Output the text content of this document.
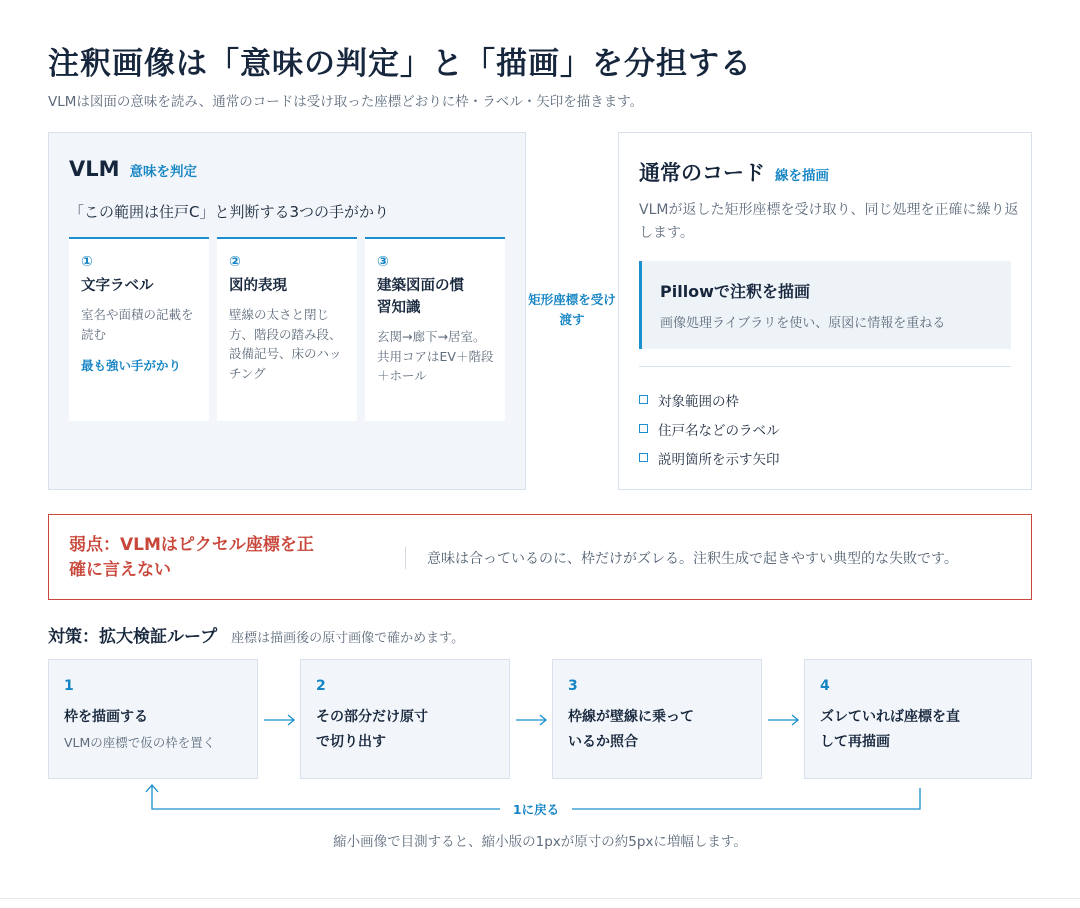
注釈画像は「意味の判定」と「描画」を分担する

VLMは図面の意味を読み、通常のコードは受け取った座標どおりに枠・ラベル・矢印を描きます。

VLM 意味を判定

「この範囲は住戸C」と判断する3つの手がかり

①
文字ラベル
室名や面積の記載を読む
最も強い手がかり
②
図的表現
壁線の太さと閉じ方、階段の踏み段、設備記号、床のハッチング
③
建築図面の慣習知識
玄関→廊下→居室。共用コアはEV＋階段＋ホール
矩形座標を受け渡す
通常のコード 線を描画

VLMが返した矩形座標を受け取り、同じ処理を正確に繰り返します。

Pillowで注釈を描画
画像処理ライブラリを使い、原図に情報を重ねる
対象範囲の枠
住戸名などのラベル
説明箇所を示す矢印
弱点：VLMはピクセル座標を正確に言えない
意味は合っているのに、枠だけがズレる。注釈生成で起きやすい典型的な失敗です。
対策：拡大検証ループ 座標は描画後の原寸画像で確かめます。
1
枠を描画する
VLMの座標で仮の枠を置く
2
その部分だけ原寸で切り出す
3
枠線が壁線に乗っているか照合
4
ズレていれば座標を直して再描画
1に戻る

縮小画像で目測すると、縮小版の1pxが原寸の約5pxに増幅します。
